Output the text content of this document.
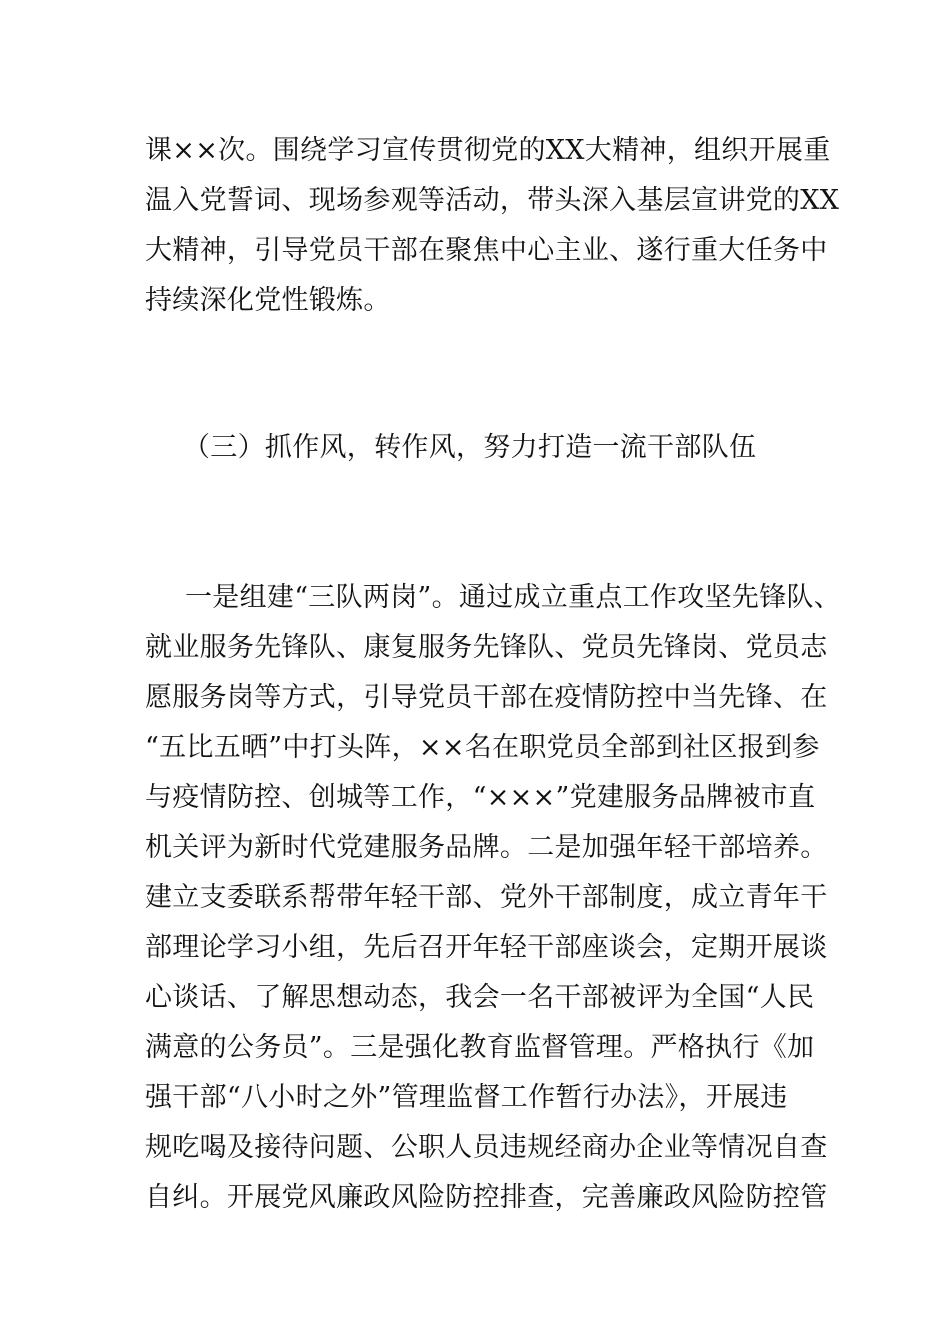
课××次。围绕学习宣传贯彻党的XX大精神，组织开展重
温入党誓词、现场参观等活动，带头深入基层宣讲党的XX
大精神，引导党员干部在聚焦中心主业、遂行重大任务中
持续深化党性锻炼。
（三）抓作风，转作风，努力打造一流干部队伍
一是组建“三队两岗”。通过成立重点工作攻坚先锋队、
就业服务先锋队、康复服务先锋队、党员先锋岗、党员志
愿服务岗等方式，引导党员干部在疫情防控中当先锋、在
“五比五晒”中打头阵，××名在职党员全部到社区报到参
与疫情防控、创城等工作，“×××”党建服务品牌被市直
机关评为新时代党建服务品牌。二是加强年轻干部培养。
建立支委联系帮带年轻干部、党外干部制度，成立青年干
部理论学习小组，先后召开年轻干部座谈会，定期开展谈
心谈话、了解思想动态，我会一名干部被评为全国“人民
满意的公务员”。三是强化教育监督管理。严格执行《加
强干部“八小时之外”管理监督工作暂行办法》，开展违
规吃喝及接待问题、公职人员违规经商办企业等情况自查
自纠。开展党风廉政风险防控排查，完善廉政风险防控管
